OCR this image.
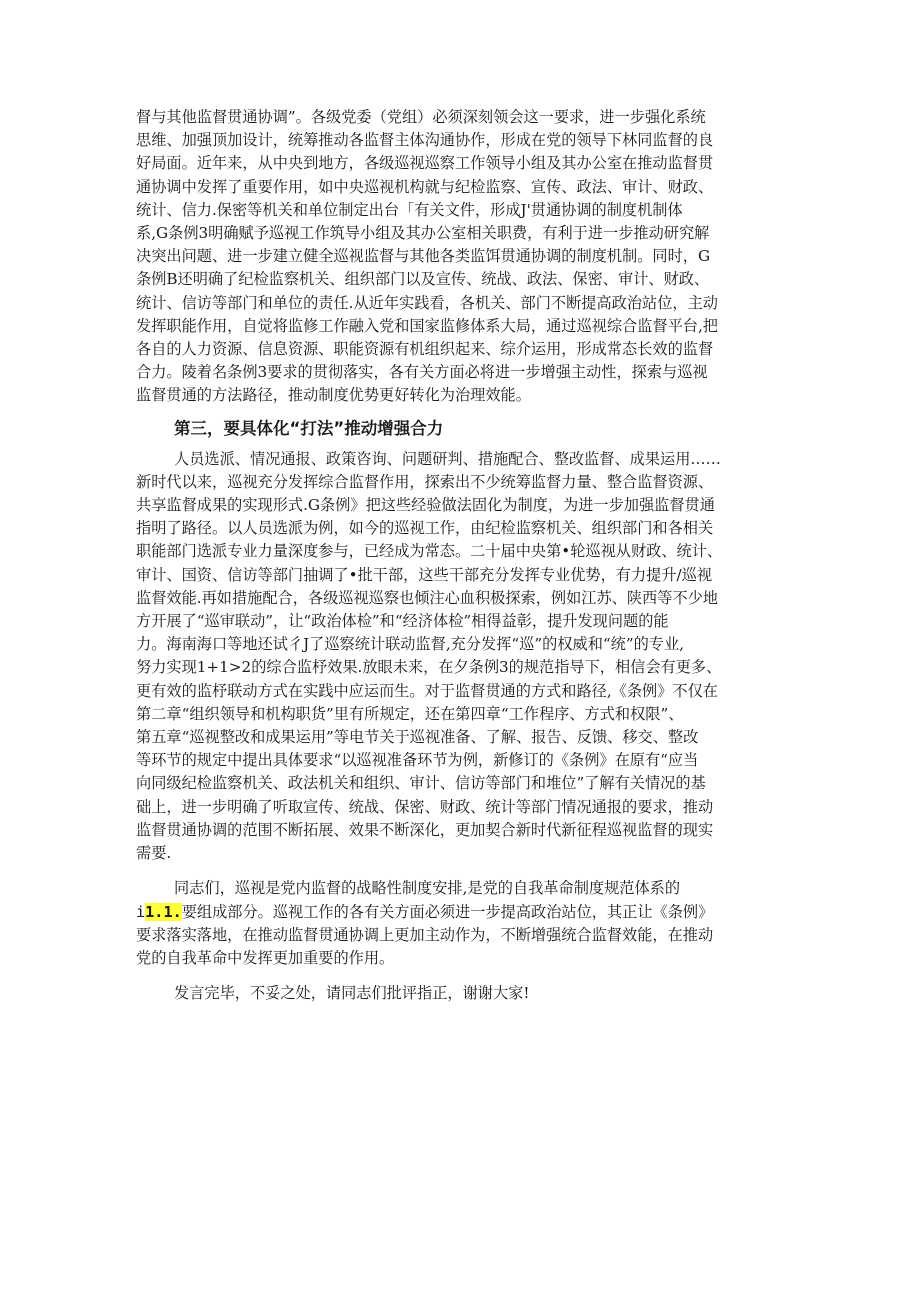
督与其他监督贯通协调”。各级党委（党组）必须深刻领会这一要求，进一步强化系统
思维、加强顶加设计，统筹推动各监督主体沟通协作，形成在党的领导下林同监督的良
好局面。近年来，从中央到地方，各级巡视巡察工作领导小组及其办公室在推动监督贯
通协调中发挥了重要作用，如中央巡视机构就与纪检监察、宣传、政法、审计、财政、
统计、信力.保密等机关和单位制定出台「有关文件，形成J'贯通协调的制度机制体
系,G条例3明确赋予巡视工作筑导小组及其办公室相关职费，有利于进一步推动研究解
决突出问题、进一步建立健全巡视监督与其他各类监饵贯通协调的制度机制。同时，G
条例B还明确了纪检监察机关、组织部门以及宣传、统战、政法、保密、审计、财政、
统计、信访等部门和单位的责任.从近年实践看，各机关、部门不断提高政治站位，主动
发挥职能作用，自觉将监修工作融入党和国家监修体系大局，通过巡视综合监督平台,把
各自的人力资源、信息资源、职能资源有机组织起来、综介运用，形成常态长效的监督
合力。陵着名条例3要求的贯彻落实，各有关方面必将进一步增强主动性，探索与巡视
监督贯通的方法路径，推动制度优势更好转化为治理效能。

第三，要具体化“打法”推动增强合力

人员选派、情况通报、政策咨询、问题研判、措施配合、整改监督、成果运用……
新时代以来，巡视充分发挥综合监督作用，探索出不少统筹监督力量、整合监督资源、
共享监督成果的实现形式.G条例》把这些经验做法固化为制度，为进一步加强监督贯通
指明了路径。以人员选派为例，如今的巡视工作，由纪检监察机关、组织部门和各相关
职能部门选派专业力量深度参与，已经成为常态。二十届中央第•轮巡视从财政、统计、
审计、国资、信访等部门抽调了•批干部，这些干部充分发挥专业优势，有力提升/巡视
监督效能.再如措施配合，各级巡视巡察也倾注心血积极探索，例如江苏、陕西等不少地
方开展了“巡审联动”，让“政治体检”和“经济体检”相得益彰，提升发现问题的能
力。海南海口等地还试彳J了巡察统计联动监督,充分发挥“巡”的权威和“统”的专业,
努力实现1+1>2的综合监杼效果.放眼未来，在夕条例3的规范指导下，相信会有更多、
更有效的监杼联动方式在实践中应运而生。对于监督贯通的方式和路径,《条例》不仅在
第二章“组织领导和机构职货”里有所规定，还在第四章“工作程序、方式和权限”、
第五章“巡视整改和成果运用”等电节关于巡视准备、了解、报告、反馈、移交、整改
等环节的规定中提出具体要求“以巡视准备环节为例，新修订的《条例》在原有“应当
向同级纪检监察机关、政法机关和组织、审计、信访等部门和堆位”了解有关情况的基
础上，进一步明确了听取宣传、统战、保密、财政、统计等部门情况通报的要求，推动
监督贯通协调的范围不断拓展、效果不断深化，更加契合新时代新征程巡视监督的现实
需要.

同志们，巡视是党内监督的战略性制度安排,是党的自我革命制度规范体系的
i1.1.要组成部分。巡视工作的各有关方面必须进一步提高政治站位，其正让《条例》
要求落实落地，在推动监督贯通协调上更加主动作为，不断增强统合监督效能，在推动
党的自我革命中发挥更加重要的作用。

发言完毕，不妥之处，请同志们批评指正，谢谢大家!
